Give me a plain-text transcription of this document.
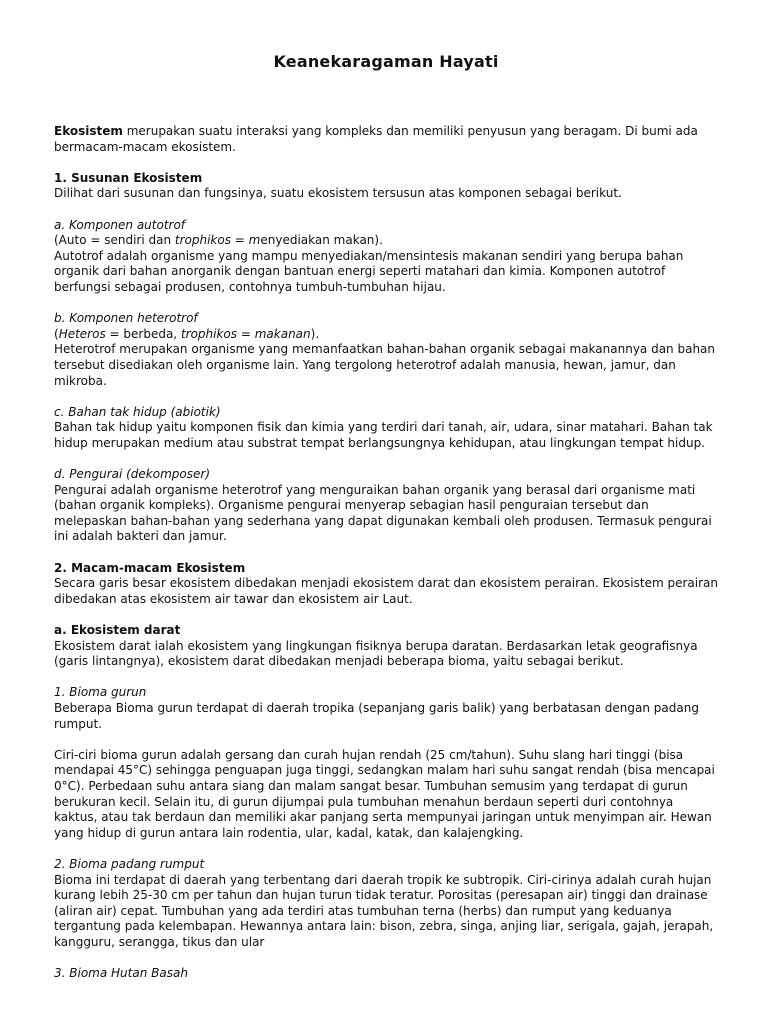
Keanekaragaman Hayati

Ekosistem merupakan suatu interaksi yang kompleks dan memiliki penyusun yang beragam. Di bumi ada bermacam-macam ekosistem.

1. Susunan Ekosistem

Dilihat dari susunan dan fungsinya, suatu ekosistem tersusun atas komponen sebagai berikut.

a. Komponen autotrof

(Auto = sendiri dan trophikos = menyediakan makan).

Autotrof adalah organisme yang mampu menyediakan/mensintesis makanan sendiri yang berupa bahan organik dari bahan anorganik dengan bantuan energi seperti matahari dan kimia. Komponen autotrof berfungsi sebagai produsen, contohnya tumbuh-tumbuhan hijau.

b. Komponen heterotrof

(Heteros = berbeda, trophikos = makanan).

Heterotrof merupakan organisme yang memanfaatkan bahan-bahan organik sebagai makanannya dan bahan tersebut disediakan oleh organisme lain. Yang tergolong heterotrof adalah manusia, hewan, jamur, dan mikroba.

c. Bahan tak hidup (abiotik)

Bahan tak hidup yaitu komponen fisik dan kimia yang terdiri dari tanah, air, udara, sinar matahari. Bahan tak hidup merupakan medium atau substrat tempat berlangsungnya kehidupan, atau lingkungan tempat hidup.

d. Pengurai (dekomposer)

Pengurai adalah organisme heterotrof yang menguraikan bahan organik yang berasal dari organisme mati (bahan organik kompleks). Organisme pengurai menyerap sebagian hasil penguraian tersebut dan melepaskan bahan-bahan yang sederhana yang dapat digunakan kembali oleh produsen. Termasuk pengurai ini adalah bakteri dan jamur.

2. Macam-macam Ekosistem

Secara garis besar ekosistem dibedakan menjadi ekosistem darat dan ekosistem perairan. Ekosistem perairan dibedakan atas ekosistem air tawar dan ekosistem air Laut.

a. Ekosistem darat

Ekosistem darat ialah ekosistem yang lingkungan fisiknya berupa daratan. Berdasarkan letak geografisnya (garis lintangnya), ekosistem darat dibedakan menjadi beberapa bioma, yaitu sebagai berikut.

1. Bioma gurun

Beberapa Bioma gurun terdapat di daerah tropika (sepanjang garis balik) yang berbatasan dengan padang rumput.

Ciri-ciri bioma gurun adalah gersang dan curah hujan rendah (25 cm/tahun). Suhu slang hari tinggi (bisa mendapai 45°C) sehingga penguapan juga tinggi, sedangkan malam hari suhu sangat rendah (bisa mencapai 0°C). Perbedaan suhu antara siang dan malam sangat besar. Tumbuhan semusim yang terdapat di gurun berukuran kecil. Selain itu, di gurun dijumpai pula tumbuhan menahun berdaun seperti duri contohnya kaktus, atau tak berdaun dan memiliki akar panjang serta mempunyai jaringan untuk menyimpan air. Hewan yang hidup di gurun antara lain rodentia, ular, kadal, katak, dan kalajengking.

2. Bioma padang rumput

Bioma ini terdapat di daerah yang terbentang dari daerah tropik ke subtropik. Ciri-cirinya adalah curah hujan kurang lebih 25-30 cm per tahun dan hujan turun tidak teratur. Porositas (peresapan air) tinggi dan drainase (aliran air) cepat. Tumbuhan yang ada terdiri atas tumbuhan terna (herbs) dan rumput yang keduanya tergantung pada kelembapan. Hewannya antara lain: bison, zebra, singa, anjing liar, serigala, gajah, jerapah, kangguru, serangga, tikus dan ular

3. Bioma Hutan Basah
